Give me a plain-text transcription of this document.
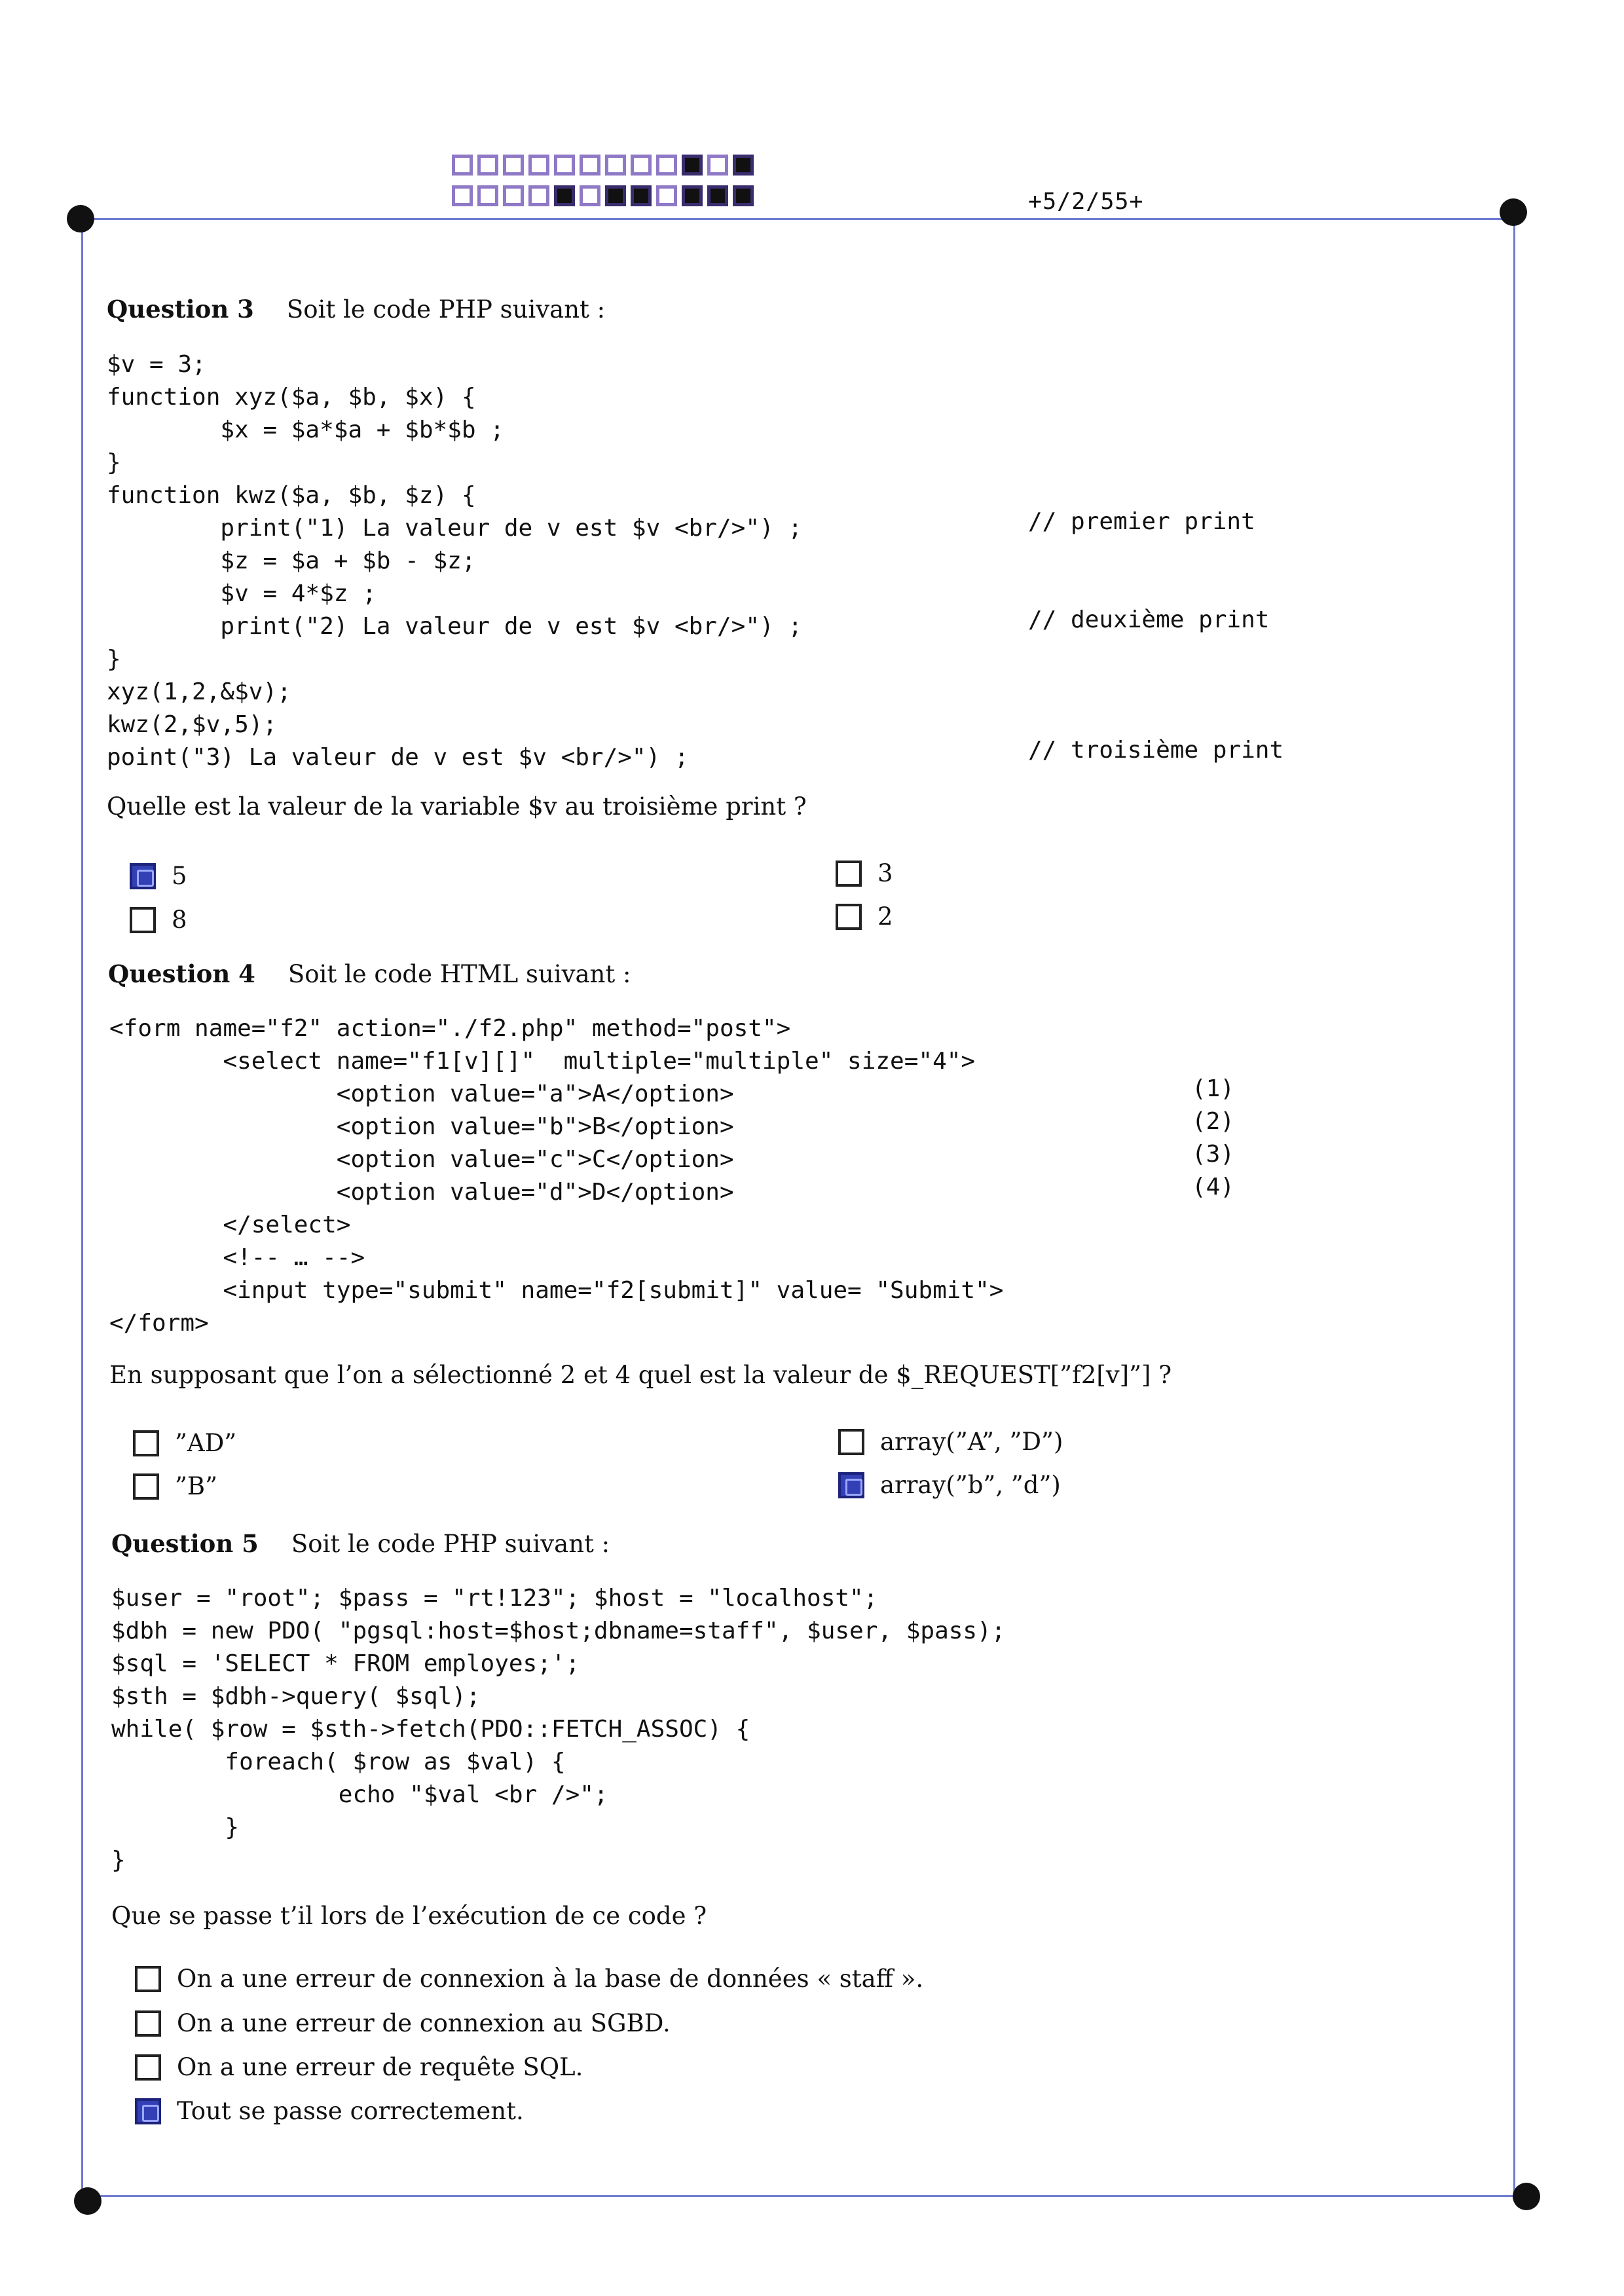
+5/2/55+
Question 3 Soit le code PHP suivant :
$v = 3;
function xyz($a, $b, $x) {
$x = $a*$a + $b*$b ;
}
function kwz($a, $b, $z) {
print("1) La valeur de v est $v <br/>") ;
$z = $a + $b - $z;
$v = 4*$z ;
print("2) La valeur de v est $v <br/>") ;
}
xyz(1,2,&$v);
kwz(2,$v,5);
point("3) La valeur de v est $v <br/>") ;
// premier print
// deuxième print
// troisième print
Quelle est la valeur de la variable $v au troisième print ?
5
8
3
2
Question 4 Soit le code HTML suivant :
<form name="f2" action="./f2.php" method="post">
<select name="f1[v][]"  multiple="multiple" size="4">
<option value="a">A</option>
<option value="b">B</option>
<option value="c">C</option>
<option value="d">D</option>
</select>
<!-- … -->
<input type="submit" name="f2[submit]" value= "Submit">
</form>
(1)
(2)
(3)
(4)
En supposant que l’on a sélectionné 2 et 4 quel est la valeur de $_REQUEST[”f2[v]”] ?
”AD”
”B”
array(”A”, ”D”)
array(”b”, ”d”)
Question 5 Soit le code PHP suivant :
$user = "root"; $pass = "rt!123"; $host = "localhost";
$dbh = new PDO( "pgsql:host=$host;dbname=staff", $user, $pass);
$sql = 'SELECT * FROM employes;';
$sth = $dbh->query( $sql);
while( $row = $sth->fetch(PDO::FETCH_ASSOC) {
foreach( $row as $val) {
echo "$val <br />";
}
}
Que se passe t’il lors de l’exécution de ce code ?
On a une erreur de connexion à la base de données « staff ».
On a une erreur de connexion au SGBD.
On a une erreur de requête SQL.
Tout se passe correctement.
